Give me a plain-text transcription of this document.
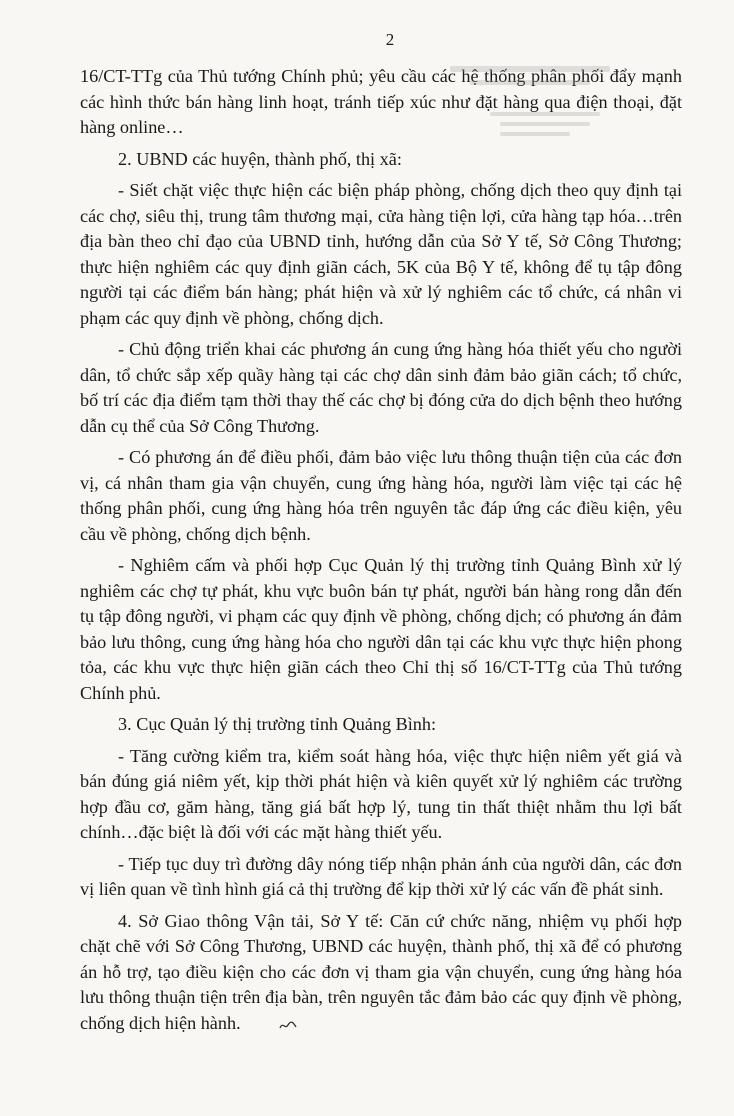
2

16/CT-TTg của Thủ tướng Chính phủ; yêu cầu các hệ thống phân phối đẩy mạnh các hình thức bán hàng linh hoạt, tránh tiếp xúc như đặt hàng qua điện thoại, đặt hàng online…

2. UBND các huyện, thành phố, thị xã:

- Siết chặt việc thực hiện các biện pháp phòng, chống dịch theo quy định tại các chợ, siêu thị, trung tâm thương mại, cửa hàng tiện lợi, cửa hàng tạp hóa…trên địa bàn theo chỉ đạo của UBND tỉnh, hướng dẫn của Sở Y tế, Sở Công Thương; thực hiện nghiêm các quy định giãn cách, 5K của Bộ Y tế, không để tụ tập đông người tại các điểm bán hàng; phát hiện và xử lý nghiêm các tổ chức, cá nhân vi phạm các quy định về phòng, chống dịch.

- Chủ động triển khai các phương án cung ứng hàng hóa thiết yếu cho người dân, tổ chức sắp xếp quầy hàng tại các chợ dân sinh đảm bảo giãn cách; tổ chức, bố trí các địa điểm tạm thời thay thế các chợ bị đóng cửa do dịch bệnh theo hướng dẫn cụ thể của Sở Công Thương.

- Có phương án để điều phối, đảm bảo việc lưu thông thuận tiện của các đơn vị, cá nhân tham gia vận chuyển, cung ứng hàng hóa, người làm việc tại các hệ thống phân phối, cung ứng hàng hóa trên nguyên tắc đáp ứng các điều kiện, yêu cầu về phòng, chống dịch bệnh.

- Nghiêm cấm và phối hợp Cục Quản lý thị trường tỉnh Quảng Bình xử lý nghiêm các chợ tự phát, khu vực buôn bán tự phát, người bán hàng rong dẫn đến tụ tập đông người, vi phạm các quy định về phòng, chống dịch; có phương án đảm bảo lưu thông, cung ứng hàng hóa cho người dân tại các khu vực thực hiện phong tỏa, các khu vực thực hiện giãn cách theo Chỉ thị số 16/CT-TTg của Thủ tướng Chính phủ.

3. Cục Quản lý thị trường tỉnh Quảng Bình:

- Tăng cường kiểm tra, kiểm soát hàng hóa, việc thực hiện niêm yết giá và bán đúng giá niêm yết, kịp thời phát hiện và kiên quyết xử lý nghiêm các trường hợp đầu cơ, găm hàng, tăng giá bất hợp lý, tung tin thất thiệt nhằm thu lợi bất chính…đặc biệt là đối với các mặt hàng thiết yếu.

- Tiếp tục duy trì đường dây nóng tiếp nhận phản ánh của người dân, các đơn vị liên quan về tình hình giá cả thị trường để kịp thời xử lý các vấn đề phát sinh.

4. Sở Giao thông Vận tải, Sở Y tế: Căn cứ chức năng, nhiệm vụ phối hợp chặt chẽ với Sở Công Thương, UBND các huyện, thành phố, thị xã để có phương án hỗ trợ, tạo điều kiện cho các đơn vị tham gia vận chuyển, cung ứng hàng hóa lưu thông thuận tiện trên địa bàn, trên nguyên tắc đảm bảo các quy định về phòng, chống dịch hiện hành.
